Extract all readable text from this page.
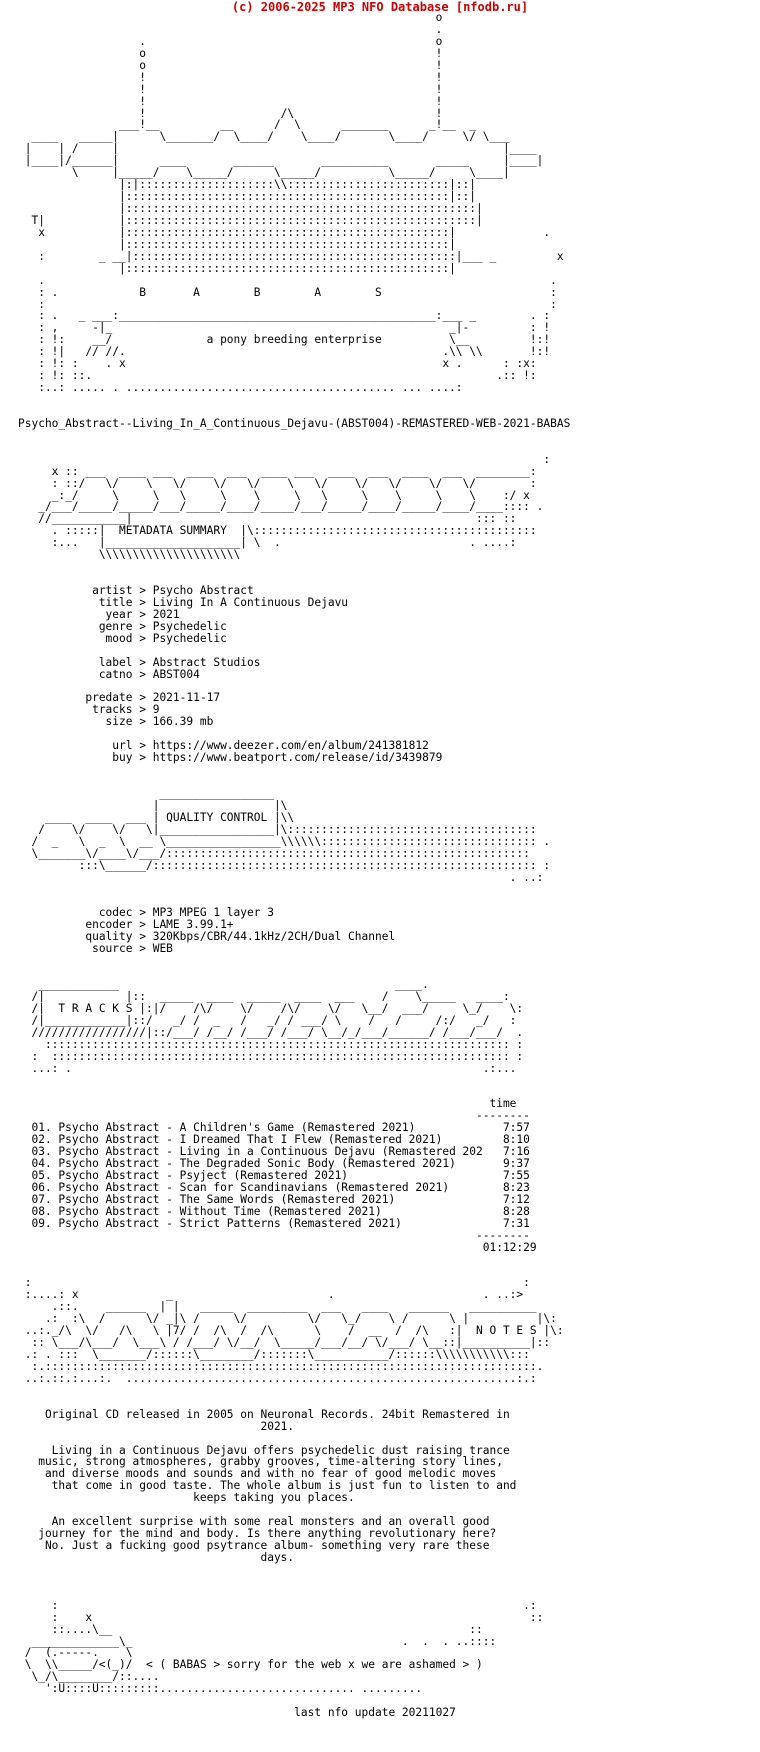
(c) 2006-2025 MP3 NFO Database [nfodb.ru]
o
.
.                                           o
o                                           !
o                                           !
!                                           !
!                                           !
!                                           !
!                    /\                     !
___!__         __      /  \      _______      _!__  _
____   _____|      \_______/  \____/    \____/       \____/     \/ \___
|    | /     |                                                         |____
|____|/______|      ____       ______       __________       _____     |____|
\     |_____/    \_____/      \_____/          \_____/     \____|
|:|::::::::::::::::::::\\::::::::::::::::::::::::|::|
|::::::::::::::::::::::::::::::::::::::::::::::::|::|
|::::::::::::::::::::::::::::::::::::::::::::::::::::|
T|           |::::::::::::::::::::::::::::::::::::::::::::::::::::|
x           |::::::::::::::::::::::::::::::::::::::::::::::::|             .
|::::::::::::::::::::::::::::::::::::::::::::::::|
:        _ __|::::::::::::::::::::::::::::::::::::::::::::::::|___ _         x
|::::::::::::::::::::::::::::::::::::::::::::::::|
.                                                                           .
: .            B       A        B        A        S                         :
:                                                                           :
: .   _ ___:_______________________________________________:___ _        . :
: ,     -|_                                                  _|-         : !
: !:    __/              a pony breeding enterprise          \__         !:!
: !|   // //.                                               .\\ \\       !:!
: !: :    . x                                               x .      : :x:
: !: ::.                                                            .:: !:
:..: ..... . ........................................ ... ....:

Psycho_Abstract--Living_In_A_Continuous_Dejavu-(ABST004)-REMASTERED-WEB-2021-BABAS

:
x :: ___  ____ ___  ____  ___  ____ ___  ____  ___  ____  ___  ________:
: ::/   \/    \   \/    \/   \/    \   \/    \/   \/    \/   \/        :
_:_/     \     \   \     \    \     \   \     \    \     \    \    :/ x
_/___/_____/_____/___/_____/____/_____/___/_____/____/_____/____/____:::: .
//___________|                                                   ::: ::
. :::::|  METADATA SUMMARY  |\::::::::::::::::::::::::::::::::::::::::::
:...   |____________________| \  .                            . ....:
\\\\\\\\\\\\\\\\\\\\\

artist > Psycho Abstract
title > Living In A Continuous Dejavu
year > 2021
genre > Psychedelic
mood > Psychedelic

label > Abstract Studios
catno > ABST004

predate > 2021-11-17
tracks > 9
size > 166.39 mb

url > https://www.deezer.com/en/album/241381812
buy > https://www.beatport.com/release/id/3439879

_________________
|                 |\
____  ____  ___ | QUALITY CONTROL |\\
/    \/    \/   \|_________________|\:::::::::::::::::::::::::::::::::::::
/  _   \  _  \  __ \_________________\\\\\\:::::::::::::::::::::::::::::::: .
\_______\/____\/___/::::::::::::::::::::::::::::::::::::::::::::::::::::::
:::\______/::::::::::::::::::::::::::::::::::::::::::::::::::::::::: :
. ..:

codec > MP3 MPEG 1 layer 3
encoder > LAME 3.99.1+
quality > 320Kbps/CBR/44.1kHz/2CH/Dual Channel
source > WEB

____________                                         ____.
/|            |::  _____  ____  _____  ____  ___    /    \_____   ____:
/|  T R A C K S |:|/    /\/    \/    /\/    \/   \__/  ___/     \_/    \:
/|____________|::/   _/ /  _   /   _/ / ___/ \    /   /     /:/   _/   :
/////////////////|::/___/ /__/ /___/ /___/ \__/_/___/______/ /___/___/  .
::::::::::::::::::::::::::::::::::::::::::::::::::::::::::::::::::::: :
:  :::::::::::::::::::::::::::::::::::::::::::::::::::::::::::::::::::: :
...: .                                                             .:...

time
--------
01. Psycho Abstract - A Children's Game (Remastered 2021)             7:57
02. Psycho Abstract - I Dreamed That I Flew (Remastered 2021)         8:10
03. Psycho Abstract - Living in a Continuous Dejavu (Remastered 202   7:16
04. Psycho Abstract - The Degraded Sonic Body (Remastered 2021)       9:37
05. Psycho Abstract - Psyject (Remastered 2021)                       7:55
06. Psycho Abstract - Scan for Scandinavians (Remastered 2021)        8:23
07. Psycho Abstract - The Same Words (Remastered 2021)                7:12
08. Psycho Abstract - Without Time (Remastered 2021)                  8:28
09. Psycho Abstract - Strict Patterns (Remastered 2021)               7:31
--------
01:12:29

:                                                                         :
:....: x             _                       .                      . ..:>
.::.    ______  | |   _____  _________  ___   ____   ______   __________
.:  :\  /      \/ _|\ /     \/         \/   \_/    \ /      \ |          |\:
..:._/\  \/   /\   \ |7/ /  /\  /  /\      \    /  __  /  /\   :|  N O T E S |\:
:: \___/\___/  \___\ / /___/ \/__/  \_____/___/__/ \/___/ \__::|__________|::
.: . :::  \_______/::::::\________/:::::::\___________/::::::\\\\\\\\\\\:::
:.:::::::::::::::::::::::::::::::::::::::::::::::::::::::::::::::::::::::::.
..:.::.:...:.  ..........................................................:.:

Original CD released in 2005 on Neuronal Records. 24bit Remastered in
2021.

Living in a Continuous Dejavu offers psychedelic dust raising trance
music, strong atmospheres, grabby grooves, time-altering story lines,
and diverse moods and sounds and with no fear of good melodic moves
that come in good taste. The whole album is just fun to listen to and
keeps taking you places.

An excellent surprise with some real monsters and an overall good
journey for the mind and body. Is there anything revolutionary here?
No. Just a fucking good psytrance album- something very rare these
days.

:                                                                     .:
:    x                                                                 ::
::....\__                                                     ::
_____________\_                                        .  .  . ..::::
/  (.-----.    \
\  \\_____/<(_)/  < ( BABAS > sorry for the web x we are ashamed > )
\_/\________/::....
':U::::U:::::::::............................. .........

last nfo update 20211027
